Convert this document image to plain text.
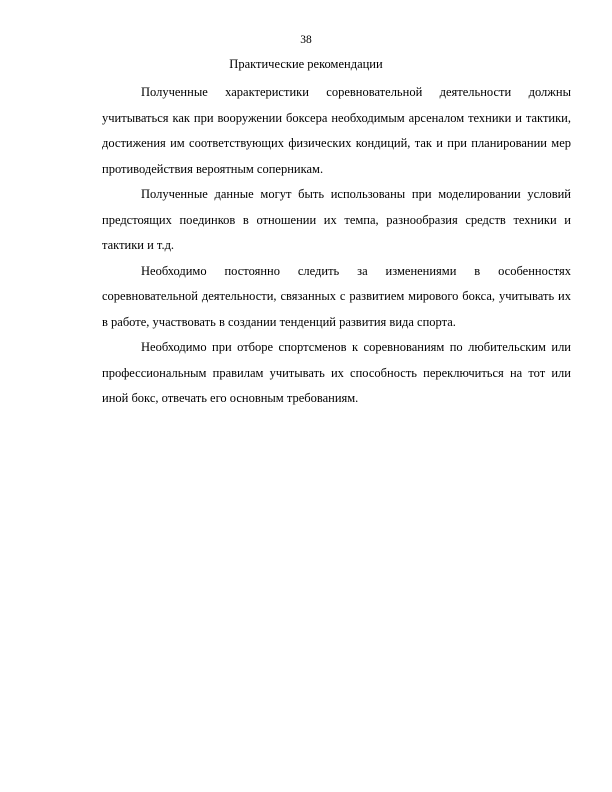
38
Практические рекомендации

Полученные характеристики соревновательной деятельности должны учитываться как при вооружении боксера необходимым арсеналом техники и тактики, достижения им соответствующих физических кондиций, так и при планировании мер противодействия вероятным соперникам.

Полученные данные могут быть использованы при моделировании условий предстоящих поединков в отношении их темпа, разнообразия средств техники и тактики и т.д.

Необходимо постоянно следить за изменениями в особенностях соревновательной деятельности, связанных с развитием мирового бокса, учитывать их в работе, участвовать в создании тенденций развития вида спорта.

Необходимо при отборе спортсменов к соревнованиям по любительским или профессиональным правилам учитывать их способность переключиться на тот или иной бокс, отвечать его основным требованиям.
